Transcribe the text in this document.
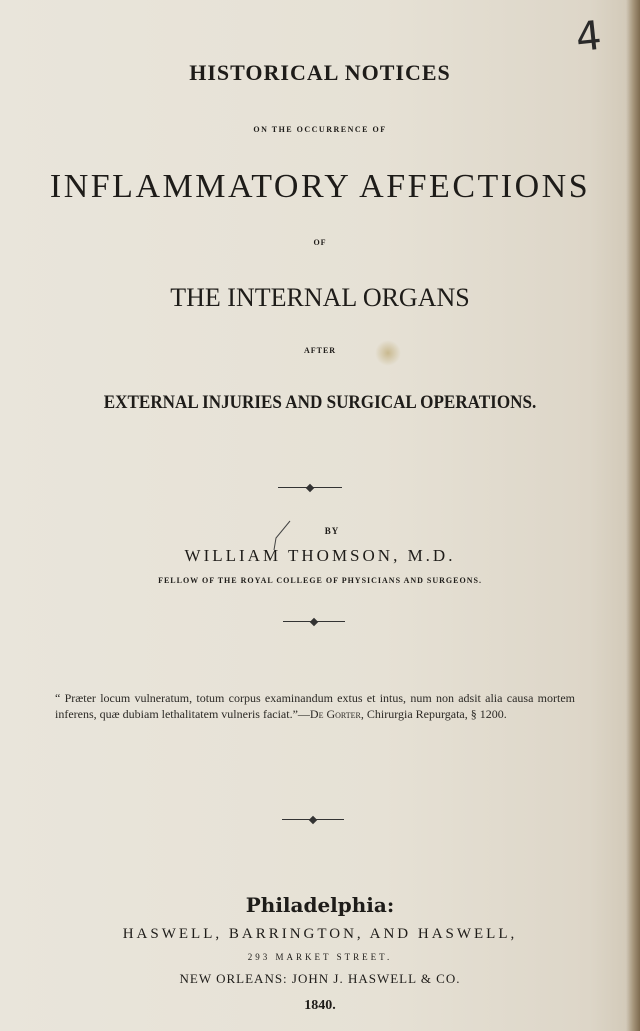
4
HISTORICAL NOTICES
ON THE OCCURRENCE OF
INFLAMMATORY AFFECTIONS
OF
THE INTERNAL ORGANS
AFTER
EXTERNAL INJURIES AND SURGICAL OPERATIONS.
BY
WILLIAM THOMSON, M.D.
FELLOW OF THE ROYAL COLLEGE OF PHYSICIANS AND SURGEONS.
“ Præter locum vulneratum, totum corpus examinandum extus et intus, num non adsit alia causa mortem inferens, quæ dubiam lethalitatem vulneris faciat.”—De Gorter, Chirurgia Repurgata, § 1200.
Philadelphia:
HASWELL, BARRINGTON, AND HASWELL,
293 MARKET STREET.
NEW ORLEANS: JOHN J. HASWELL & CO.
1840.
